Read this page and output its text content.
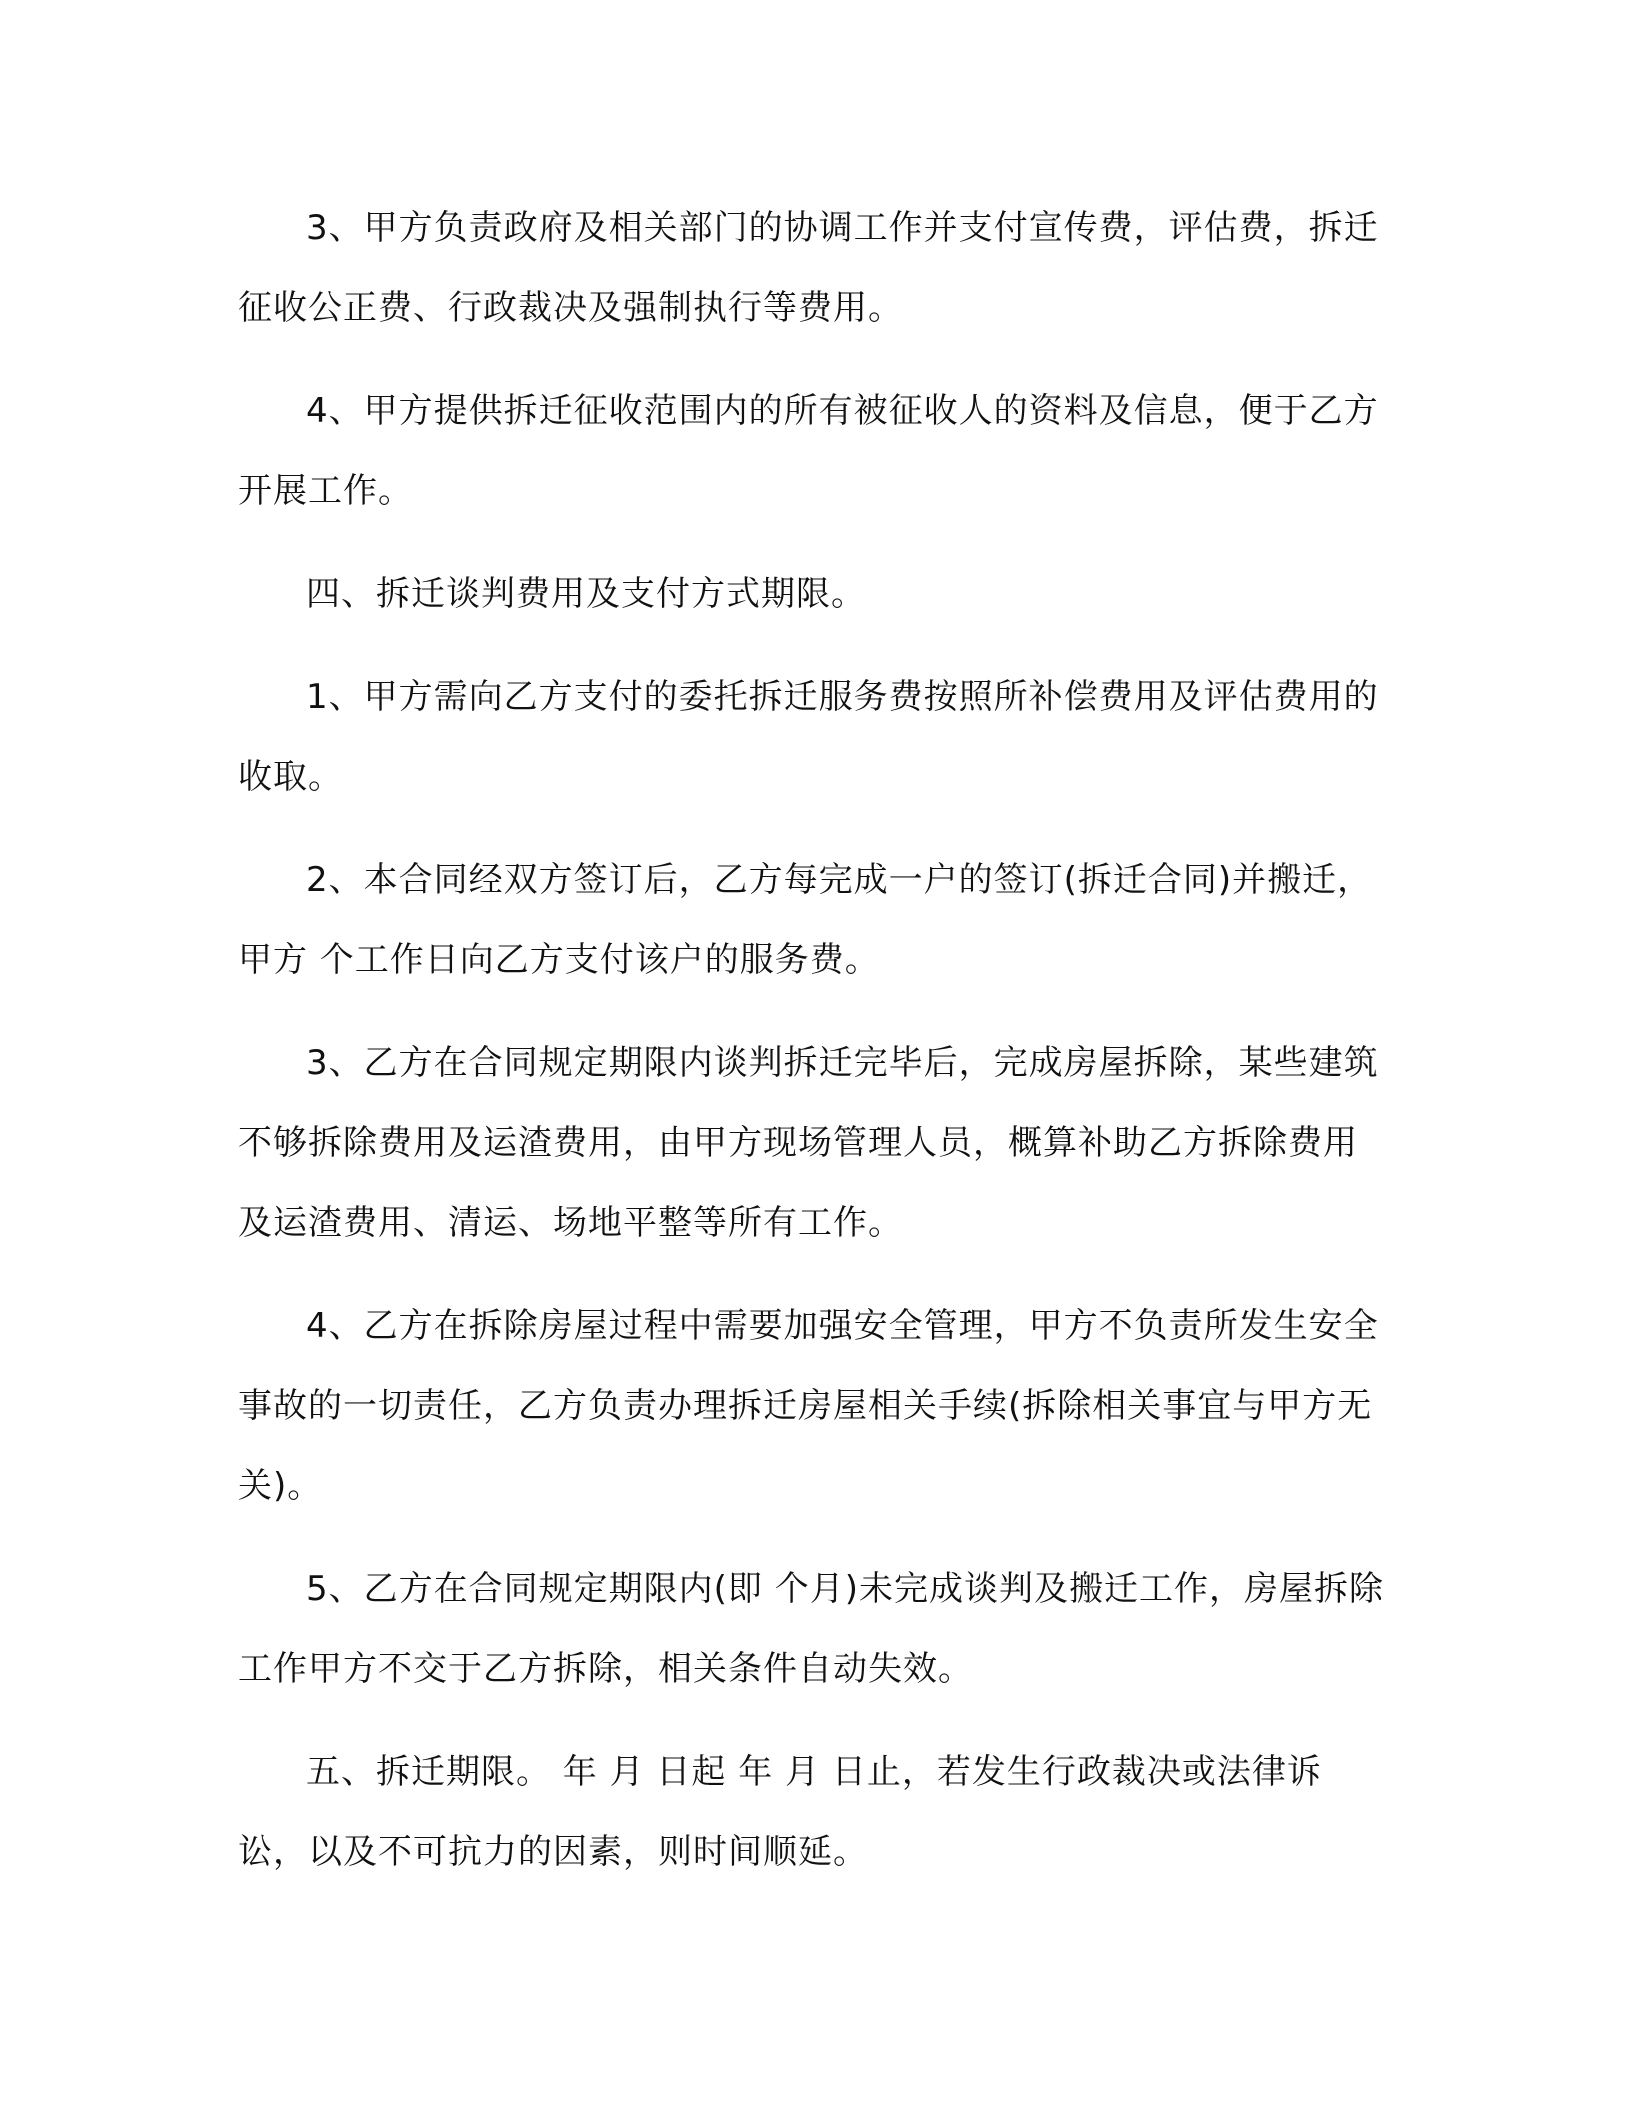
3、甲方负责政府及相关部门的协调工作并支付宣传费，评估费，拆迁征收公正费、行政裁决及强制执行等费用。

4、甲方提供拆迁征收范围内的所有被征收人的资料及信息，便于乙方开展工作。

四、拆迁谈判费用及支付方式期限。

1、甲方需向乙方支付的委托拆迁服务费按照所补偿费用及评估费用的 收取。

2、本合同经双方签订后，乙方每完成一户的签订(拆迁合同)并搬迁，甲方 个工作日向乙方支付该户的服务费。

3、乙方在合同规定期限内谈判拆迁完毕后，完成房屋拆除，某些建筑不够拆除费用及运渣费用，由甲方现场管理人员，概算补助乙方拆除费用及运渣费用、清运、场地平整等所有工作。

4、乙方在拆除房屋过程中需要加强安全管理，甲方不负责所发生安全事故的一切责任，乙方负责办理拆迁房屋相关手续(拆除相关事宜与甲方无关)。

5、乙方在合同规定期限内(即 个月)未完成谈判及搬迁工作，房屋拆除工作甲方不交于乙方拆除，相关条件自动失效。

五、拆迁期限。 年 月 日起 年 月 日止，若发生行政裁决或法律诉讼，以及不可抗力的因素，则时间顺延。
